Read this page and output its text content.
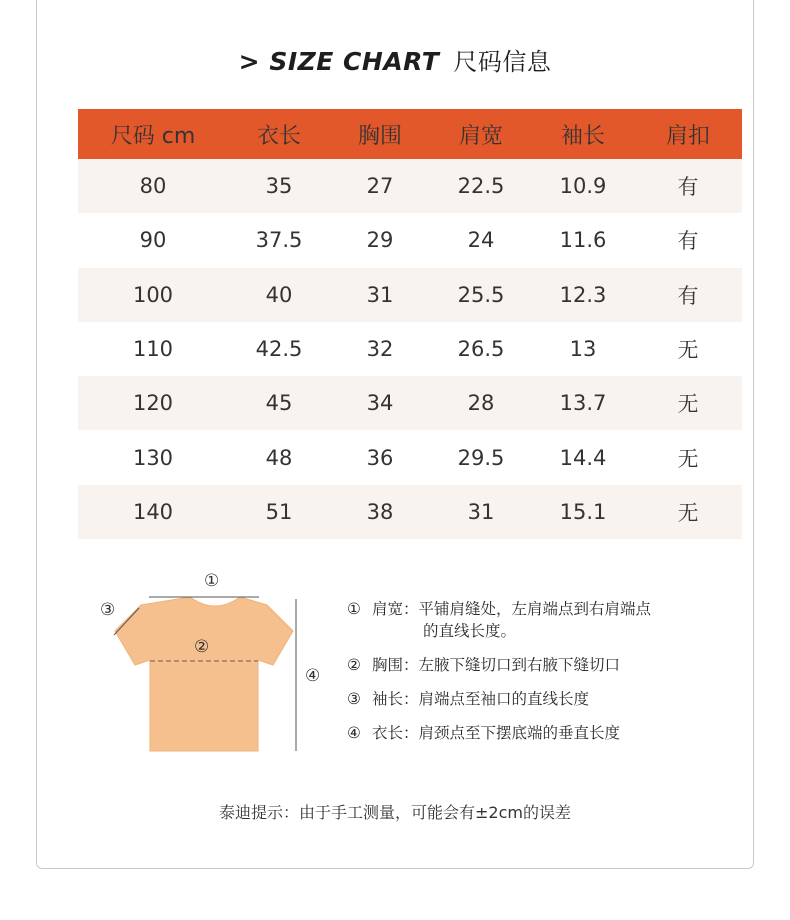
> SIZE CHART 尺码信息
尺码 cm	衣长	胸围	肩宽	袖长	肩扣
80	35	27	22.5	10.9	有
90	37.5	29	24	11.6	有
100	40	31	25.5	12.3	有
110	42.5	32	26.5	13	无
120	45	34	28	13.7	无
130	48	36	29.5	14.4	无
140	51	38	31	15.1	无
①
②
③
④
① 肩宽：平铺肩缝处，左肩端点到右肩端点
的直线长度。
② 胸围：左腋下缝切口到右腋下缝切口
③ 袖长：肩端点至袖口的直线长度
④ 衣长：肩颈点至下摆底端的垂直长度
泰迪提示：由于手工测量，可能会有±2cm的误差
